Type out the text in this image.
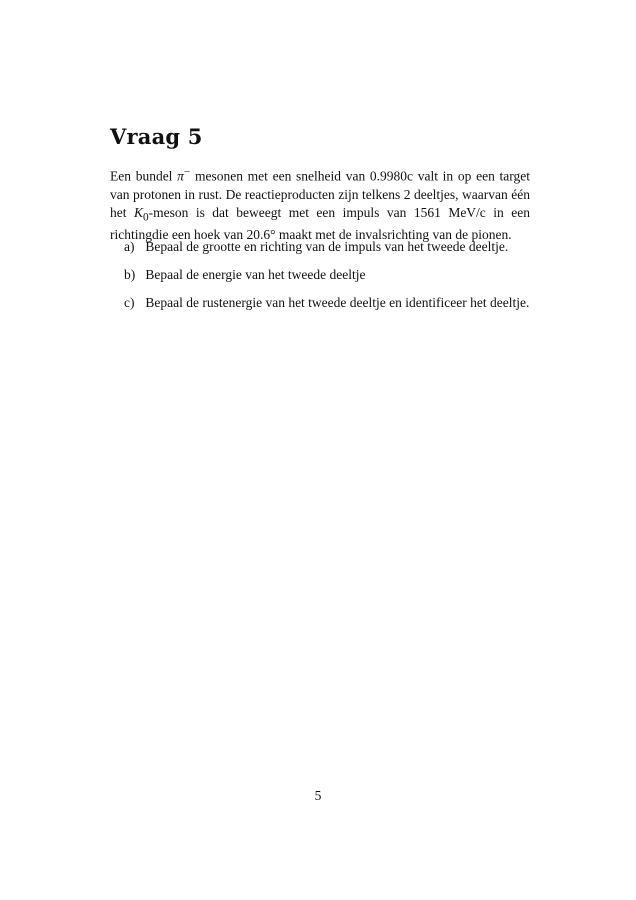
Vraag 5

Een bundel π− mesonen met een snelheid van 0.9980c valt in op een target van protonen in rust. De reactieproducten zijn telkens 2 deeltjes, waarvan één het $K_0$-meson is dat beweegt met een impuls van 1561 MeV/c in een richtingdie een hoek van 20.6° maakt met de invalsrichting van de pionen.

a) Bepaal de grootte en richting van de impuls van het tweede deeltje.
b) Bepaal de energie van het tweede deeltje
c) Bepaal de rustenergie van het tweede deeltje en identificeer het deeltje.
5
